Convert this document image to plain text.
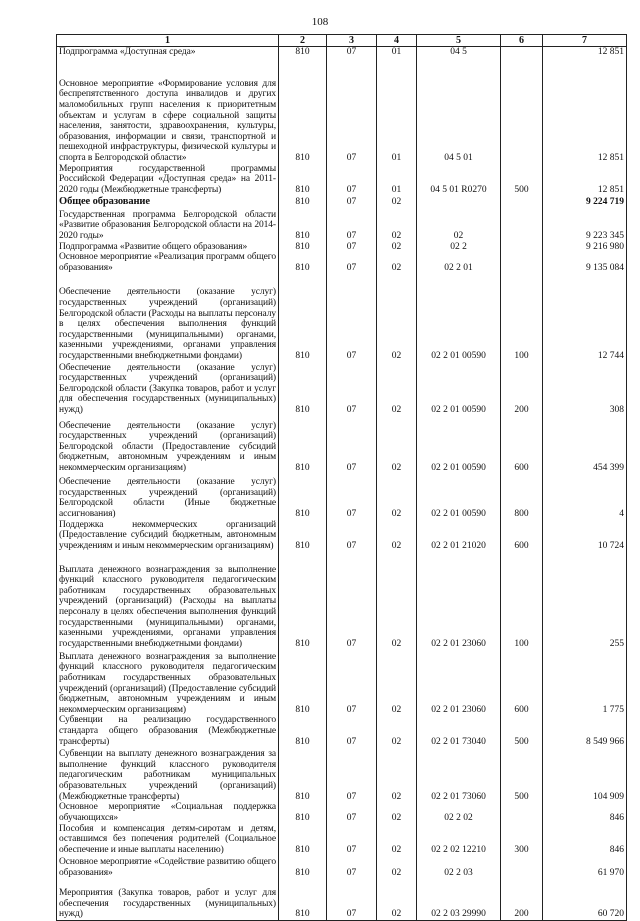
108
1	2	3	4	5	6	7
Подпрограмма «Доступная среда»	810	07	01	04 5		12 851
Основное мероприятие «Формирование условия для беспрепятственного доступа инвалидов и других маломобильных групп населения к приоритетным объектам и услугам в сфере социальной защиты населения, занятости, здравоохранения, культуры, образования, информации и связи, транспортной и пешеходной инфраструктуры, физической культуры и спорта в Белгородской области»	810	07	01	04 5 01		12 851
Мероприятия государственной программы Российской Федерации «Доступная среда» на 2011-2020 годы (Межбюджетные трансферты)	810	07	01	04 5 01 R0270	500	12 851
Общее образование	810	07	02			9 224 719
Государственная программа Белгородской области «Развитие образования Белгородской области на 2014-2020 годы»	810	07	02	02		9 223 345
Подпрограмма «Развитие общего образования»	810	07	02	02 2		9 216 980
Основное мероприятие «Реализация программ общего образования»	810	07	02	02 2 01		9 135 084
Обеспечение деятельности (оказание услуг) государственных учреждений (организаций) Белгородской области (Расходы на выплаты персоналу в целях обеспечения выполнения функций государственными (муниципальными) органами, казенными учреждениями, органами управления государственными внебюджетными фондами)	810	07	02	02 2 01 00590	100	12 744
Обеспечение деятельности (оказание услуг) государственных учреждений (организаций) Белгородской области (Закупка товаров, работ и услуг для обеспечения государственных (муниципальных) нужд)	810	07	02	02 2 01 00590	200	308
Обеспечение деятельности (оказание услуг) государственных учреждений (организаций) Белгородской области (Предоставление субсидий бюджетным, автономным учреждениям и иным некоммерческим организациям)	810	07	02	02 2 01 00590	600	454 399
Обеспечение деятельности (оказание услуг) государственных учреждений (организаций) Белгородской области (Иные бюджетные ассигнования)	810	07	02	02 2 01 00590	800	4
Поддержка некоммерческих организаций (Предоставление субсидий бюджетным, автономным учреждениям и иным некоммерческим организациям)	810	07	02	02 2 01 21020	600	10 724
Выплата денежного вознаграждения за выполнение функций классного руководителя педагогическим работникам государственных образовательных учреждений (организаций) (Расходы на выплаты персоналу в целях обеспечения выполнения функций государственными (муниципальными) органами, казенными учреждениями, органами управления государственными внебюджетными фондами)	810	07	02	02 2 01 23060	100	255
Выплата денежного вознаграждения за выполнение функций классного руководителя педагогическим работникам государственных образовательных учреждений (организаций) (Предоставление субсидий бюджетным, автономным учреждениям и иным некоммерческим организациям)	810	07	02	02 2 01 23060	600	1 775
Субвенции на реализацию государственного стандарта общего образования (Межбюджетные трансферты)	810	07	02	02 2 01 73040	500	8 549 966
Субвенции на выплату денежного вознаграждения за выполнение функций классного руководителя педагогическим работникам муниципальных образовательных учреждений (организаций) (Межбюджетные трансферты)	810	07	02	02 2 01 73060	500	104 909
Основное мероприятие «Социальная поддержка обучающихся»	810	07	02	02 2 02		846
Пособия и компенсация детям-сиротам и детям, оставшимся без попечения родителей (Социальное обеспечение и иные выплаты населению)	810	07	02	02 2 02 12210	300	846
Основное мероприятие «Содействие развитию общего образования»	810	07	02	02 2 03		61 970
Мероприятия (Закупка товаров, работ и услуг для обеспечения государственных (муниципальных) нужд)	810	07	02	02 2 03 29990	200	60 720
